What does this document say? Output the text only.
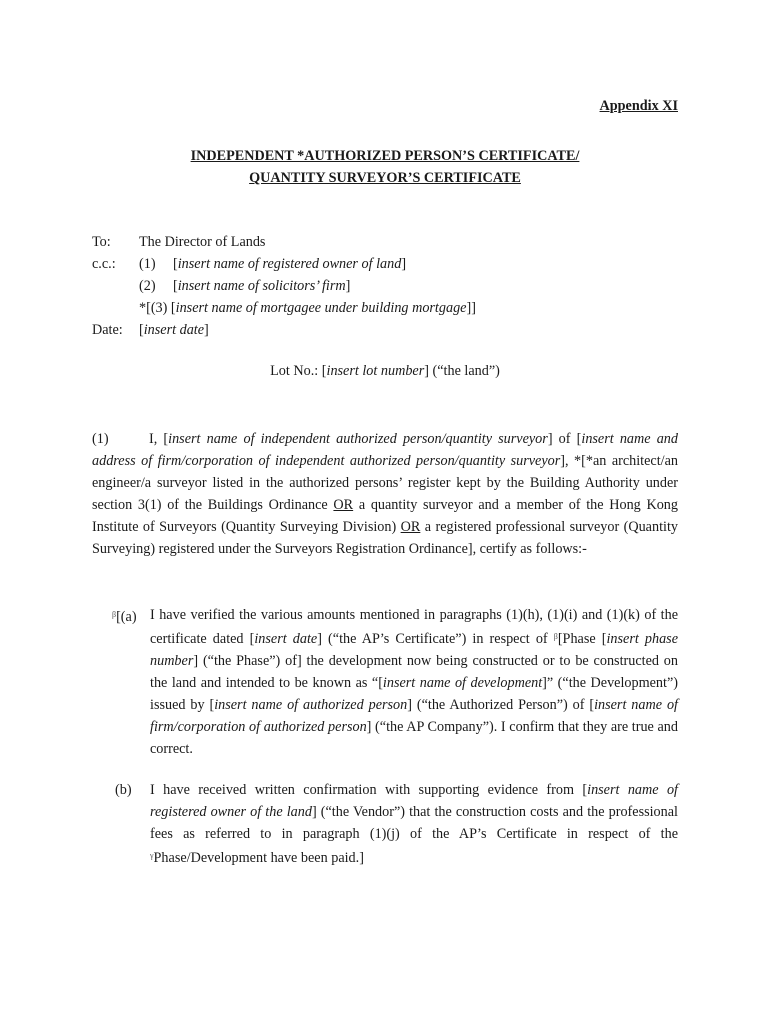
Appendix XI
INDEPENDENT *AUTHORIZED PERSON’S CERTIFICATE/
QUANTITY SURVEYOR’S CERTIFICATE
To: The Director of Lands
c.c.: (1) [insert name of registered owner of land]
(2) [insert name of solicitors’ firm]
*[(3) [insert name of mortgagee under building mortgage]]
Date: [insert date]
Lot No.: [insert lot number] (“the land”)

(1)	I, [insert name of independent authorized person/quantity surveyor] of [insert name and address of firm/corporation of independent authorized person/quantity surveyor], *[*an architect/an engineer/a surveyor listed in the authorized persons’ register kept by the Building Authority under section 3(1) of the Buildings Ordinance OR a quantity surveyor and a member of the Hong Kong Institute of Surveyors (Quantity Surveying Division) OR a registered professional surveyor (Quantity Surveying) registered under the Surveyors Registration Ordinance], certify as follows:-

$^\beta$[(a) I have verified the various amounts mentioned in paragraphs (1)(h), (1)(i) and (1)(k) of the certificate dated [insert date] (“the AP’s Certificate”) in respect of $^\beta$[Phase [insert phase number] (“the Phase”) of] the development now being constructed or to be constructed on the land and intended to be known as “[insert name of development]” (“the Development”) issued by [insert name of authorized person] (“the Authorized Person”) of [insert name of firm/corporation of authorized person] (“the AP Company”). I confirm that they are true and correct.

(b) I have received written confirmation with supporting evidence from [insert name of registered owner of the land] (“the Vendor”) that the construction costs and the professional fees as referred to in paragraph (1)(j) of the AP’s Certificate in respect of the $^\gamma$Phase/Development have been paid.]
